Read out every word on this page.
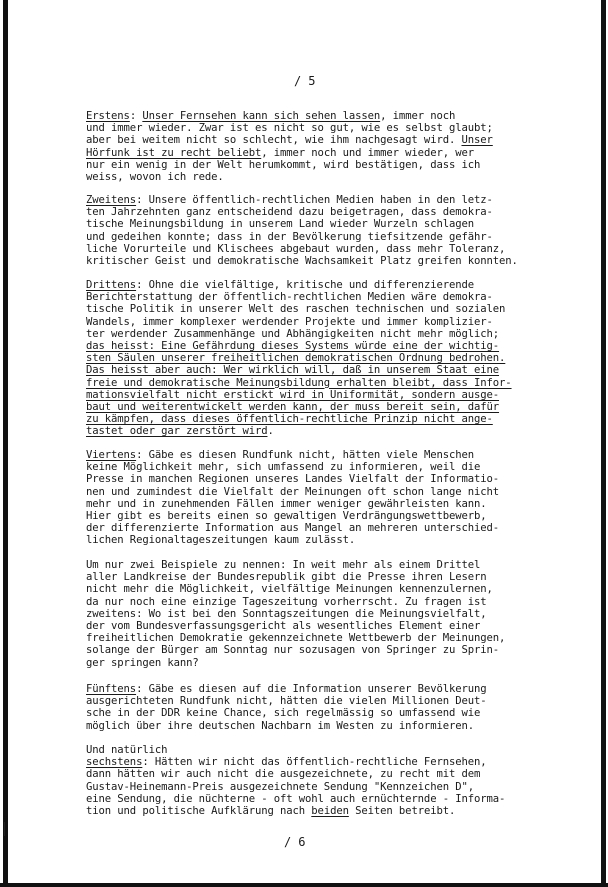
/ 5
Erstens: Unser Fernsehen kann sich sehen lassen, immer noch
und immer wieder. Zwar ist es nicht so gut, wie es selbst glaubt;
aber bei weitem nicht so schlecht, wie ihm nachgesagt wird. Unser
Hörfunk ist zu recht beliebt, immer noch und immer wieder, wer
nur ein wenig in der Welt herumkommt, wird bestätigen, dass ich
weiss, wovon ich rede.
Zweitens: Unsere öffentlich-rechtlichen Medien haben in den letz-
ten Jahrzehnten ganz entscheidend dazu beigetragen, dass demokra-
tische Meinungsbildung in unserem Land wieder Wurzeln schlagen
und gedeihen konnte; dass in der Bevölkerung tiefsitzende gefähr-
liche Vorurteile und Klischees abgebaut wurden, dass mehr Toleranz,
kritischer Geist und demokratische Wachsamkeit Platz greifen konnten.
Drittens: Ohne die vielfältige, kritische und differenzierende
Berichterstattung der öffentlich-rechtlichen Medien wäre demokra-
tische Politik in unserer Welt des raschen technischen und sozialen
Wandels, immer komplexer werdender Projekte und immer komplizier-
ter werdender Zusammenhänge und Abhängigkeiten nicht mehr möglich;
das heisst: Eine Gefährdung dieses Systems würde eine der wichtig-
sten Säulen unserer freiheitlichen demokratischen Ordnung bedrohen.
Das heisst aber auch: Wer wirklich will, daß in unserem Staat eine
freie und demokratische Meinungsbildung erhalten bleibt, dass Infor-
mationsvielfalt nicht erstickt wird in Uniformität, sondern ausge-
baut und weiterentwickelt werden kann, der muss bereit sein, dafür
zu kämpfen, dass dieses öffentlich-rechtliche Prinzip nicht ange-
tastet oder gar zerstört wird.
Viertens: Gäbe es diesen Rundfunk nicht, hätten viele Menschen
keine Möglichkeit mehr, sich umfassend zu informieren, weil die
Presse in manchen Regionen unseres Landes Vielfalt der Informatio-
nen und zumindest die Vielfalt der Meinungen oft schon lange nicht
mehr und in zunehmenden Fällen immer weniger gewährleisten kann.
Hier gibt es bereits einen so gewaltigen Verdrängungswettbewerb,
der differenzierte Information aus Mangel an mehreren unterschied-
lichen Regionaltageszeitungen kaum zulässt.
Um nur zwei Beispiele zu nennen: In weit mehr als einem Drittel
aller Landkreise der Bundesrepublik gibt die Presse ihren Lesern
nicht mehr die Möglichkeit, vielfältige Meinungen kennenzulernen,
da nur noch eine einzige Tageszeitung vorherrscht. Zu fragen ist
zweitens: Wo ist bei den Sonntagszeitungen die Meinungsvielfalt,
der vom Bundesverfassungsgericht als wesentliches Element einer
freiheitlichen Demokratie gekennzeichnete Wettbewerb der Meinungen,
solange der Bürger am Sonntag nur sozusagen von Springer zu Sprin-
ger springen kann?
Fünftens: Gäbe es diesen auf die Information unserer Bevölkerung
ausgerichteten Rundfunk nicht, hätten die vielen Millionen Deut-
sche in der DDR keine Chance, sich regelmässig so umfassend wie
möglich über ihre deutschen Nachbarn im Westen zu informieren.
Und natürlich
sechstens: Hätten wir nicht das öffentlich-rechtliche Fernsehen,
dann hätten wir auch nicht die ausgezeichnete, zu recht mit dem
Gustav-Heinemann-Preis ausgezeichnete Sendung "Kennzeichen D",
eine Sendung, die nüchterne - oft wohl auch ernüchternde - Informa-
tion und politische Aufklärung nach beiden Seiten betreibt.
/ 6
